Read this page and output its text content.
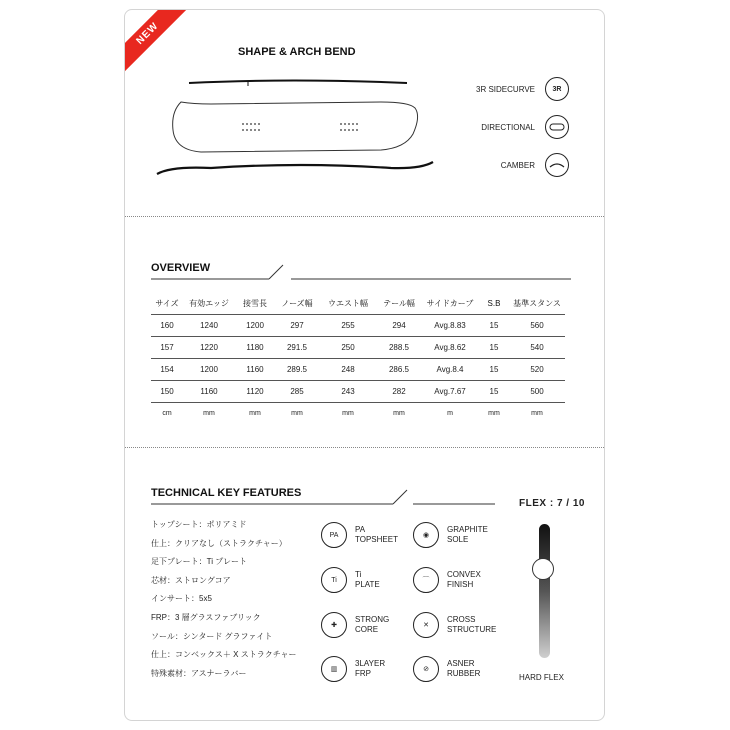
NEW
SHAPE & ARCH BEND
3R SIDECURVE	3R
DIRECTIONAL
CAMBER
OVERVIEW
サイズ	有効エッジ	接雪長	ノーズ幅	ウエスト幅	テール幅	サイドカーブ	S.B	基準スタンス
160	1240	1200	297	255	294	Avg.8.83	15	560
157	1220	1180	291.5	250	288.5	Avg.8.62	15	540
154	1200	1160	289.5	248	286.5	Avg.8.4	15	520
150	1160	1120	285	243	282	Avg.7.67	15	500
cm	mm	mm	mm	mm	mm	m	mm	mm
TECHNICAL KEY FEATURES
トップシート：ポリアミド
仕上：クリアなし（ストラクチャー）
足下プレート：Ti プレート
芯材：ストロングコア
インサート：5x5
FRP：3 層グラスファブリック
ソール：シンタード グラファイト
仕上：コンベックス＋ X ストラクチャー
特殊素材：アスナーラバー
PA
PA
TOPSHEET	◉
GRAPHITE
SOLE
Ti
Ti
PLATE	⌒
CONVEX
FINISH
✚
STRONG
CORE	✕
CROSS
STRUCTURE
▥
3LAYER
FRP	⊘
ASNER
RUBBER
FLEX : 7 / 10
HARD FLEX
